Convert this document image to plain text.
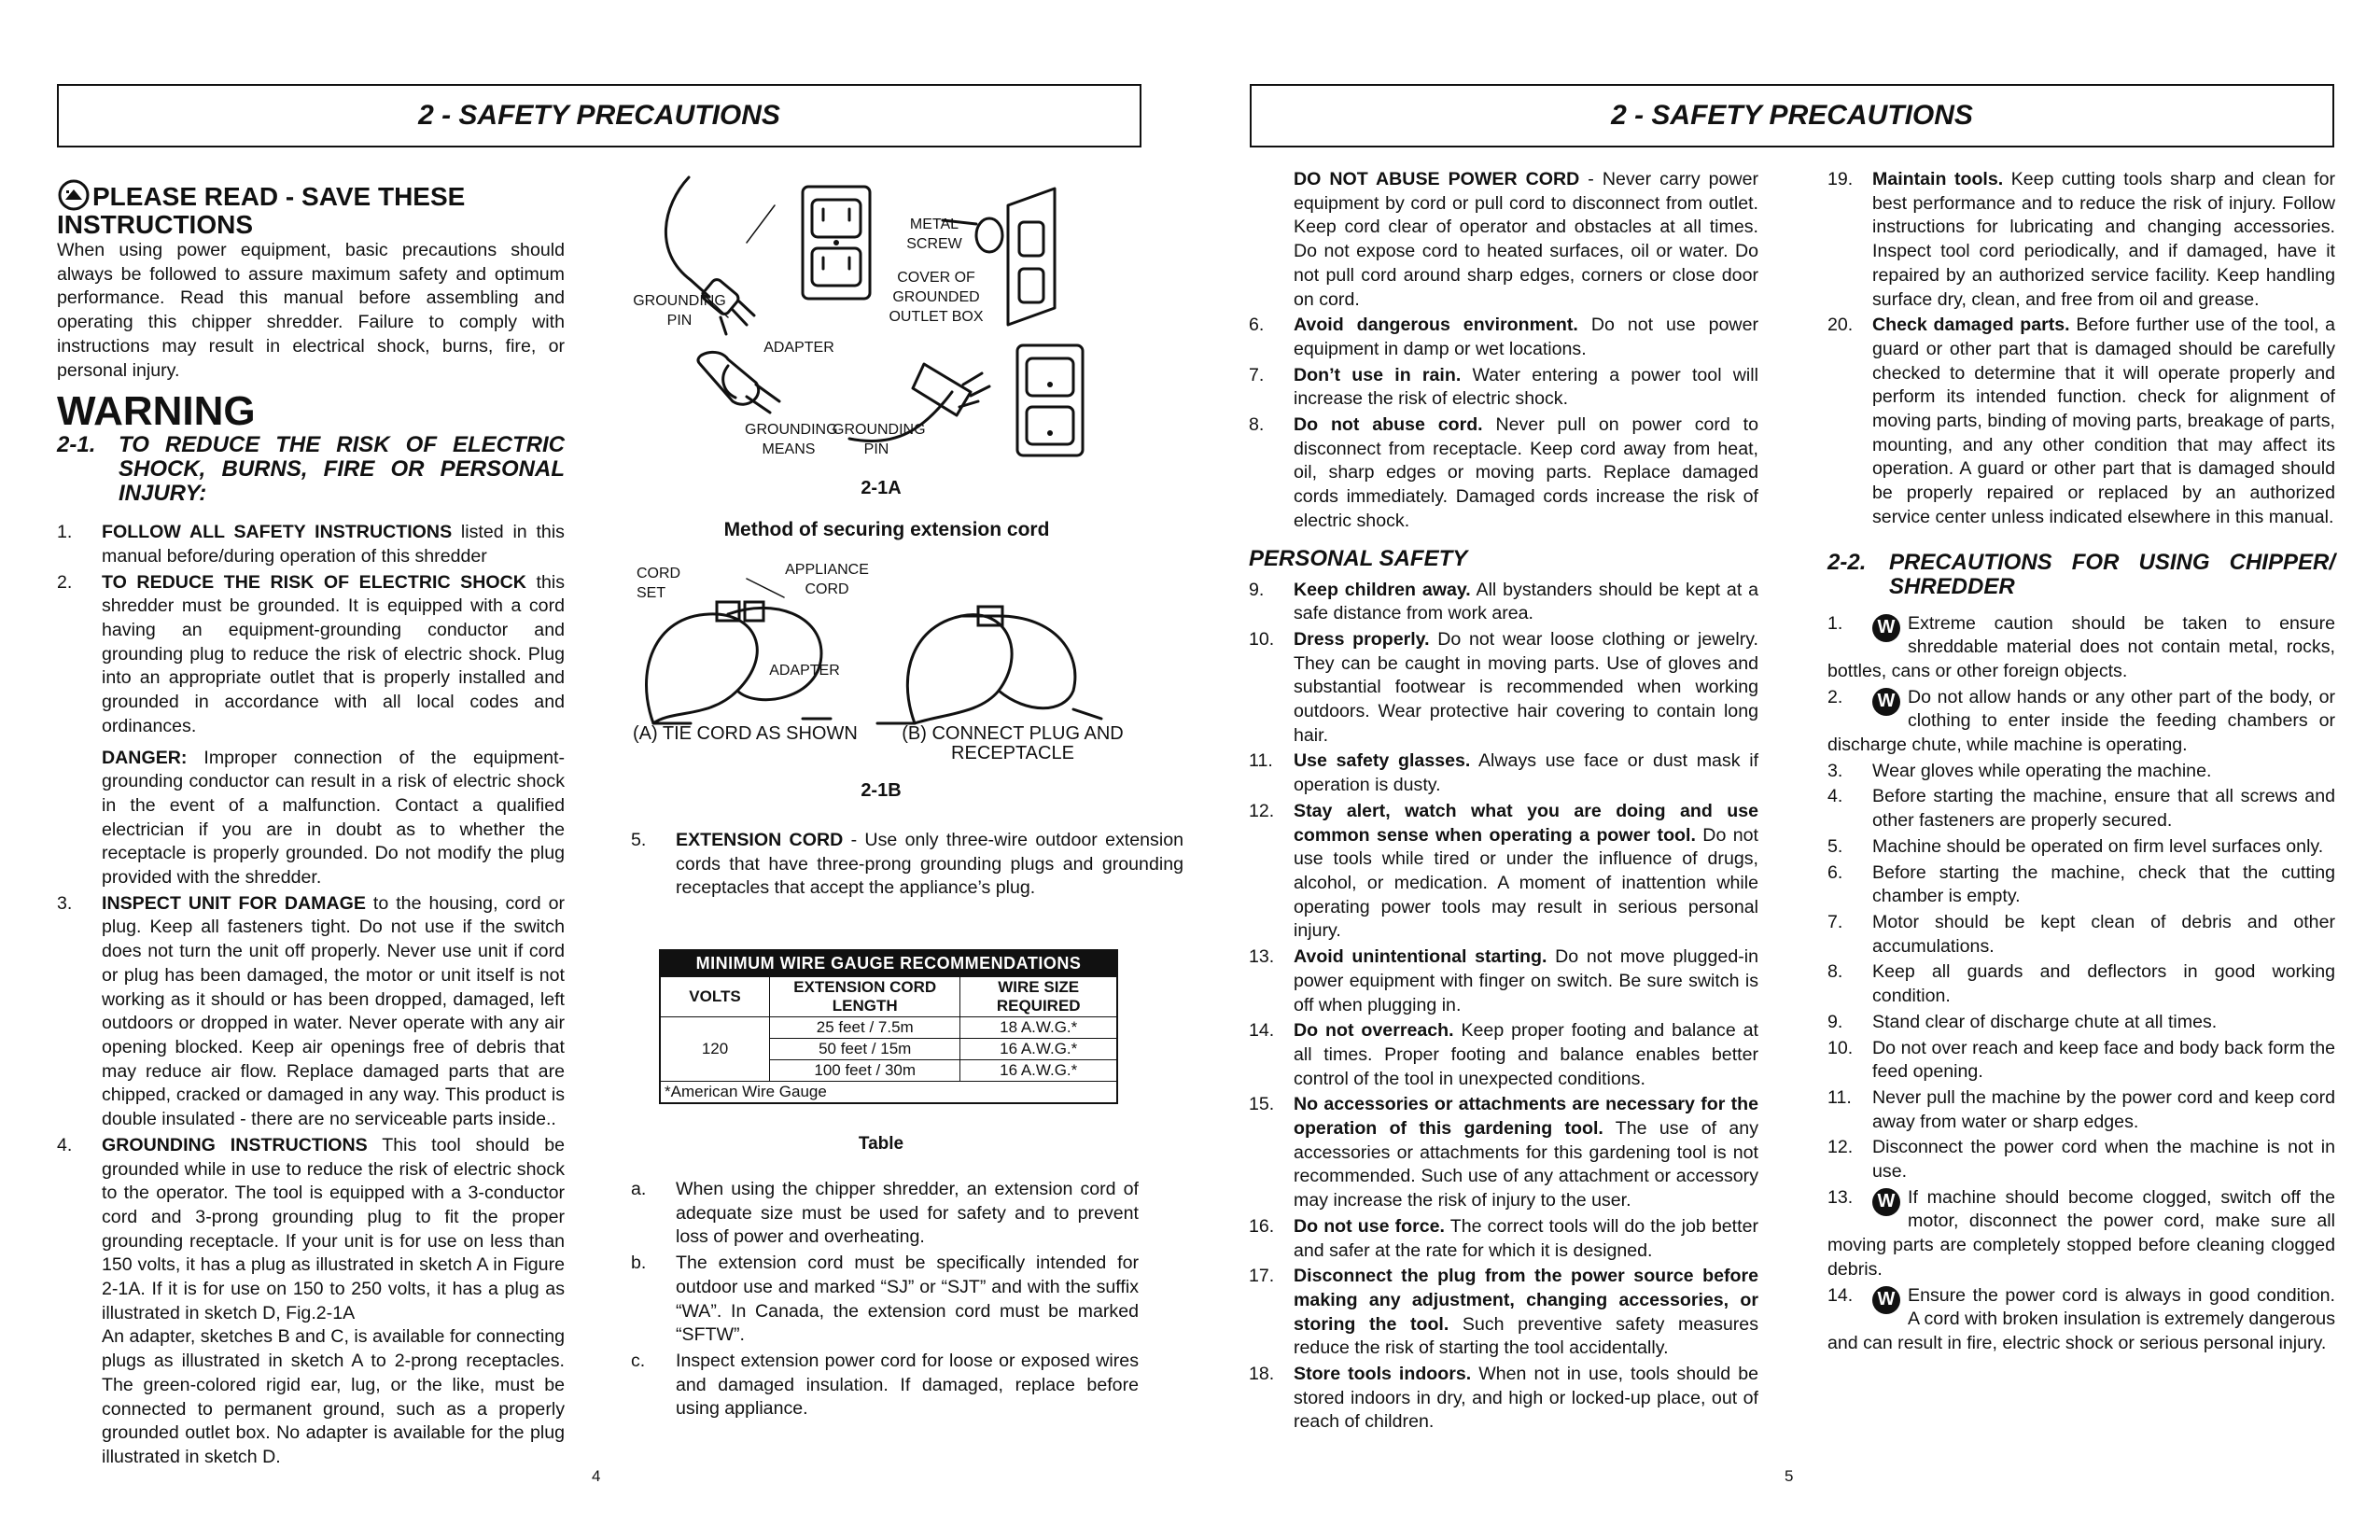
2 - SAFETY PRECAUTIONS	2 - SAFETY PRECAUTIONS
PLEASE READ - SAVE THESE
INSTRUCTIONS

When using power equipment, basic precautions should always be followed to assure maximum safety and optimum performance. Read this manual before assembling and operating this chipper shredder. Failure to comply with instructions may result in electrical shock, burns, fire, or personal injury.

WARNING
2-1. TO REDUCE THE RISK OF ELECTRIC SHOCK, BURNS, FIRE OR PERSONAL INJURY:
1. FOLLOW ALL SAFETY INSTRUCTIONS listed in this manual before/during operation of this shredder
2. TO REDUCE THE RISK OF ELECTRIC SHOCK this shredder must be grounded. It is equipped with a cord having an equipment-grounding conductor and grounding plug to reduce the risk of electric shock. Plug into an appropriate outlet that is properly installed and grounded in accordance with all local codes and ordinances.
DANGER: Improper connection of the equipment-grounding conductor can result in a risk of electric shock in the event of a malfunction. Contact a qualified electrician if you are in doubt as to whether the receptacle is properly grounded. Do not modify the plug provided with the shredder.
3. INSPECT UNIT FOR DAMAGE to the housing, cord or plug. Keep all fasteners tight. Do not use if the switch does not turn the unit off properly. Never use unit if cord or plug has been damaged, the motor or unit itself is not working as it should or has been dropped, damaged, left outdoors or dropped in water. Never operate with any air opening blocked. Keep air openings free of debris that may reduce air flow. Replace damaged parts that are chipped, cracked or damaged in any way. This product is double insulated - there are no serviceable parts inside..
4. GROUNDING INSTRUCTIONS This tool should be grounded while in use to reduce the risk of electric shock to the operator. The tool is equipped with a 3-conductor cord and 3-prong grounding plug to fit the proper grounding receptacle. If your unit is for use on less than 150 volts, it has a plug as illustrated in sketch A in Figure 2-1A. If it is for use on 150 to 250 volts, it has a plug as illustrated in sketch D, Fig.2-1A
An adapter, sketches B and C, is available for connecting plugs as illustrated in sketch A to 2-prong receptacles. The green-colored rigid ear, lug, or the like, must be connected to permanent ground, such as a properly grounded outlet box. No adapter is available for the plug illustrated in sketch D.
METAL SCREW
COVER OF GROUNDED OUTLET BOX
GROUNDING PIN
ADAPTER
GROUNDING MEANS
GROUNDING PIN
2-1A
Method of securing extension cord
CORD SET
APPLIANCE CORD
ADAPTER
(A) TIE CORD AS SHOWN	(B) CONNECT PLUG AND RECEPTACLE
2-1B
5. EXTENSION CORD - Use only three-wire outdoor extension cords that have three-prong grounding plugs and grounding receptacles that accept the appliance’s plug.
MINIMUM WIRE GAUGE RECOMMENDATIONS		
VOLTS	EXTENSION CORD LENGTH	WIRE SIZE REQUIRED
120	25 feet / 7.5m	18 A.W.G.*
	50 feet / 15m	16 A.W.G.*
	100 feet / 30m	16 A.W.G.*
*American Wire Gauge		
Table
a. When using the chipper shredder, an extension cord of adequate size must be used for safety and to prevent loss of power and overheating.
b. The extension cord must be specifically intended for outdoor use and marked “SJ” or “SJT” and with the suffix “WA”. In Canada, the extension cord must be marked “SFTW”.
c. Inspect extension power cord for loose or exposed wires and damaged insulation. If damaged, replace before using appliance.
4	5
DO NOT ABUSE POWER CORD - Never carry power equipment by cord or pull cord to disconnect from outlet. Keep cord clear of operator and obstacles at all times. Do not expose cord to heated surfaces, oil or water. Do not pull cord around sharp edges, corners or close door on cord.
6. Avoid dangerous environment. Do not use power equipment in damp or wet locations.
7. Don’t use in rain. Water entering a power tool will increase the risk of electric shock.
8. Do not abuse cord. Never pull on power cord to disconnect from receptacle. Keep cord away from heat, oil, sharp edges or moving parts. Replace damaged cords immediately. Damaged cords increase the risk of electric shock.
PERSONAL SAFETY
9. Keep children away. All bystanders should be kept at a safe distance from work area.
10. Dress properly. Do not wear loose clothing or jewelry. They can be caught in moving parts. Use of gloves and substantial footwear is recommended when working outdoors. Wear protective hair covering to contain long hair.
11. Use safety glasses. Always use face or dust mask if operation is dusty.
12. Stay alert, watch what you are doing and use common sense when operating a power tool. Do not use tools while tired or under the influence of drugs, alcohol, or medication. A moment of inattention while operating power tools may result in serious personal injury.
13. Avoid unintentional starting. Do not move plugged-in power equipment with finger on switch. Be sure switch is off when plugging in.
14. Do not overreach. Keep proper footing and balance at all times. Proper footing and balance enables better control of the tool in unexpected conditions.
15. No accessories or attachments are necessary for the operation of this gardening tool. The use of any accessories or attachments for this gardening tool is not recommended. Such use of any attachment or accessory may increase the risk of injury to the user.
16. Do not use force. The correct tools will do the job better and safer at the rate for which it is designed.
17. Disconnect the plug from the power source before making any adjustment, changing accessories, or storing the tool. Such preventive safety measures reduce the risk of starting the tool accidentally.
18. Store tools indoors. When not in use, tools should be stored indoors in dry, and high or locked-up place, out of reach of children.
19. Maintain tools. Keep cutting tools sharp and clean for best performance and to reduce the risk of injury. Follow instructions for lubricating and changing accessories. Inspect tool cord periodically, and if damaged, have it repaired by an authorized service facility. Keep handling surface dry, clean, and free from oil and grease.
20. Check damaged parts. Before further use of the tool, a guard or other part that is damaged should be carefully checked to determine that it will operate properly and perform its intended function. check for alignment of moving parts, binding of moving parts, breakage of parts, mounting, and any other condition that may affect its operation. A guard or other part that is damaged should be properly repaired or replaced by an authorized service center unless indicated elsewhere in this manual.
2-2. PRECAUTIONS FOR USING CHIPPER/ SHREDDER
1. W Extreme caution should be taken to ensure shreddable material does not contain metal, rocks, bottles, cans or other foreign objects.
2. W Do not allow hands or any other part of the body, or clothing to enter inside the feeding chambers or discharge chute, while machine is operating.
3. Wear gloves while operating the machine.
4. Before starting the machine, ensure that all screws and other fasteners are properly secured.
5. Machine should be operated on firm level surfaces only.
6. Before starting the machine, check that the cutting chamber is empty.
7. Motor should be kept clean of debris and other accumulations.
8. Keep all guards and deflectors in good working condition.
9. Stand clear of discharge chute at all times.
10. Do not over reach and keep face and body back form the feed opening.
11. Never pull the machine by the power cord and keep cord away from water or sharp edges.
12. Disconnect the power cord when the machine is not in use.
13. W If machine should become clogged, switch off the motor, disconnect the power cord, make sure all moving parts are completely stopped before cleaning clogged debris.
14. W Ensure the power cord is always in good condition. A cord with broken insulation is extremely dangerous and can result in fire, electric shock or serious personal injury.
